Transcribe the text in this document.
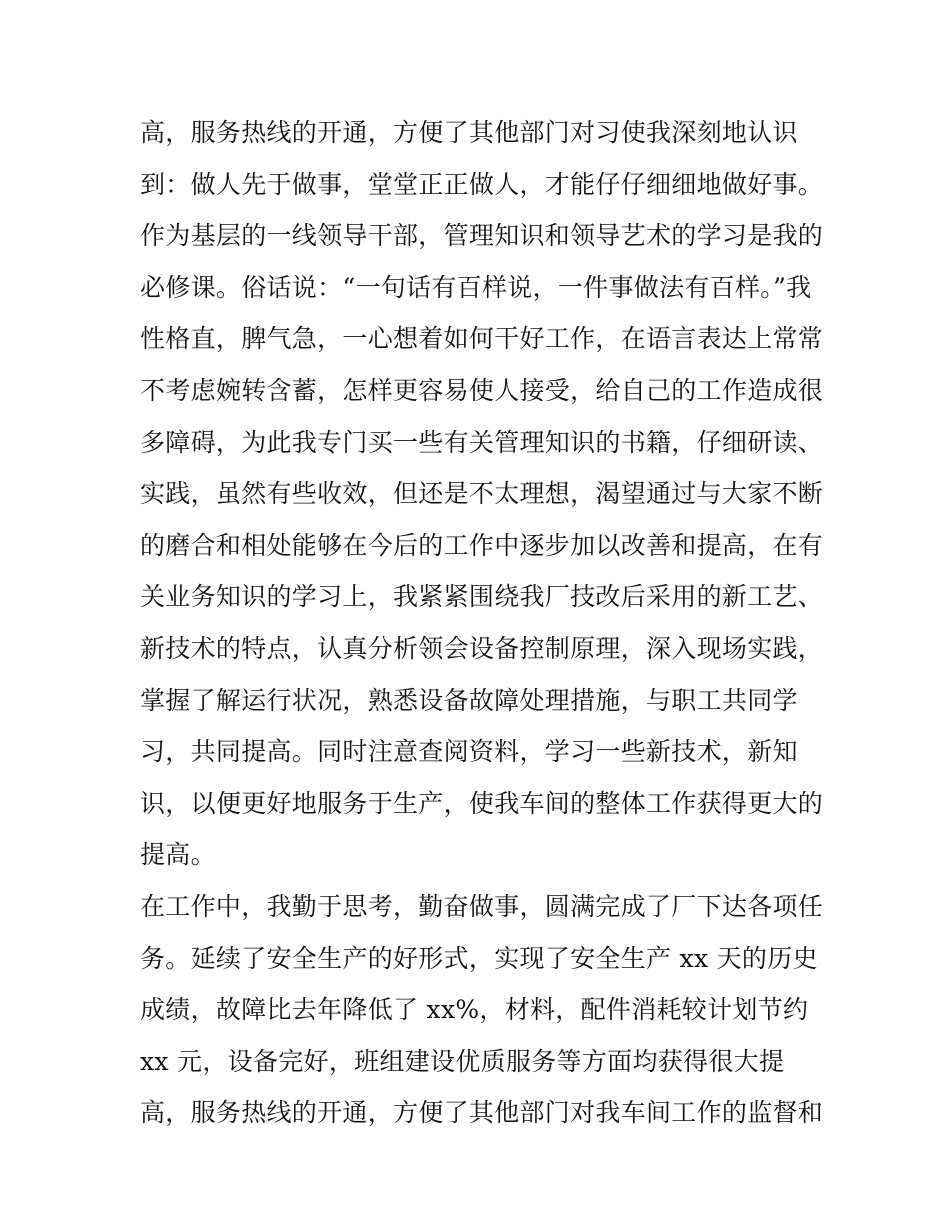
高，服务热线的开通，方便了其他部门对习使我深刻地认识
到：做人先于做事，堂堂正正做人，才能仔仔细细地做好事。
作为基层的一线领导干部，管理知识和领导艺术的学习是我的
必修课。俗话说：“一句话有百样说，一件事做法有百样。”我
性格直，脾气急，一心想着如何干好工作，在语言表达上常常
不考虑婉转含蓄，怎样更容易使人接受，给自己的工作造成很
多障碍，为此我专门买一些有关管理知识的书籍，仔细研读、
实践，虽然有些收效，但还是不太理想，渴望通过与大家不断
的磨合和相处能够在今后的工作中逐步加以改善和提高，在有
关业务知识的学习上，我紧紧围绕我厂技改后采用的新工艺、
新技术的特点，认真分析领会设备控制原理，深入现场实践，
掌握了解运行状况，熟悉设备故障处理措施，与职工共同学
习，共同提高。同时注意查阅资料，学习一些新技术，新知
识，以便更好地服务于生产，使我车间的整体工作获得更大的
提高。
在工作中，我勤于思考，勤奋做事，圆满完成了厂下达各项任
务。延续了安全生产的好形式，实现了安全生产 xx 天的历史
成绩，故障比去年降低了 xx%，材料，配件消耗较计划节约
xx 元，设备完好，班组建设优质服务等方面均获得很大提
高，服务热线的开通，方便了其他部门对我车间工作的监督和
